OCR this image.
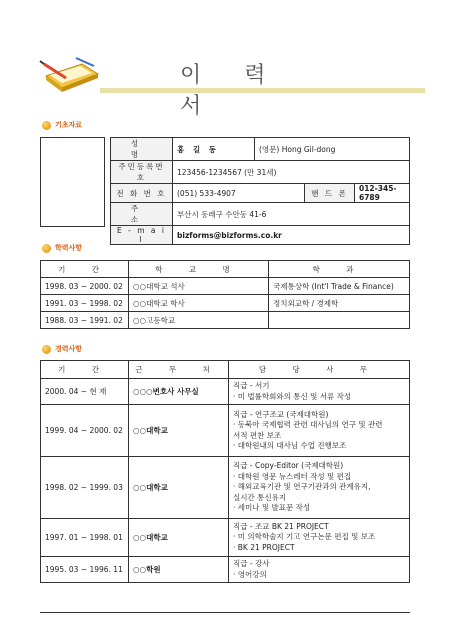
이 력 서
기초자료
성 명	홍 길 동	(영문) Hong Gil-dong		
주민등록번호	123456-1234567 (만 31세)			
전 화 번 호	(051) 533-4907		핸 드 폰	012-345-6789
주 소	부산시 동래구 수안동 41-6			
E - m a i l	bizforms@bizforms.co.kr			
학력사항
기 간	학 교 명	학 과
1998. 03 ~ 2000. 02	○○대학교 석사	국제통상학 (Int'l Trade & Finance)
1991. 03 ~ 1998. 02	○○대학교 학사	정치외교학 / 경제학
1988. 03 ~ 1991. 02	○○고등학교	
경력사항
기 간	근 무 처	담 당 사 무
2000. 04 ~ 현 재	○○○변호사 사무실	직급 - 서기
· 미 법률학회와의 통신 및 서류 작성

1999. 04 ~ 2000. 02	○○대학교	직급 - 연구조교 (국제대학원)
· 동북아 국제협력 관련 대사님의 연구 및 관련
서적 편찬 보조
· 대학원내의 대사님 수업 진행보조

1998. 02 ~ 1999. 03	○○대학교	직급 - Copy-Editor (국제대학원)
· 대학원 영문 뉴스레터 작성 및 편집
· 해외교육기관 및 연구기관과의 관계유지,
실시간 통신유지
· 세미나 및 발표문 작성

1997. 01 ~ 1998. 01	○○대학교	직급 - 조교 BK 21 PROJECT
· 미 의학학술지 기고 연구논문 편집 및 보조
· BK 21 PROJECT

1995. 03 ~ 1996. 11	○○학원	직급 - 강사
· 영어강의
